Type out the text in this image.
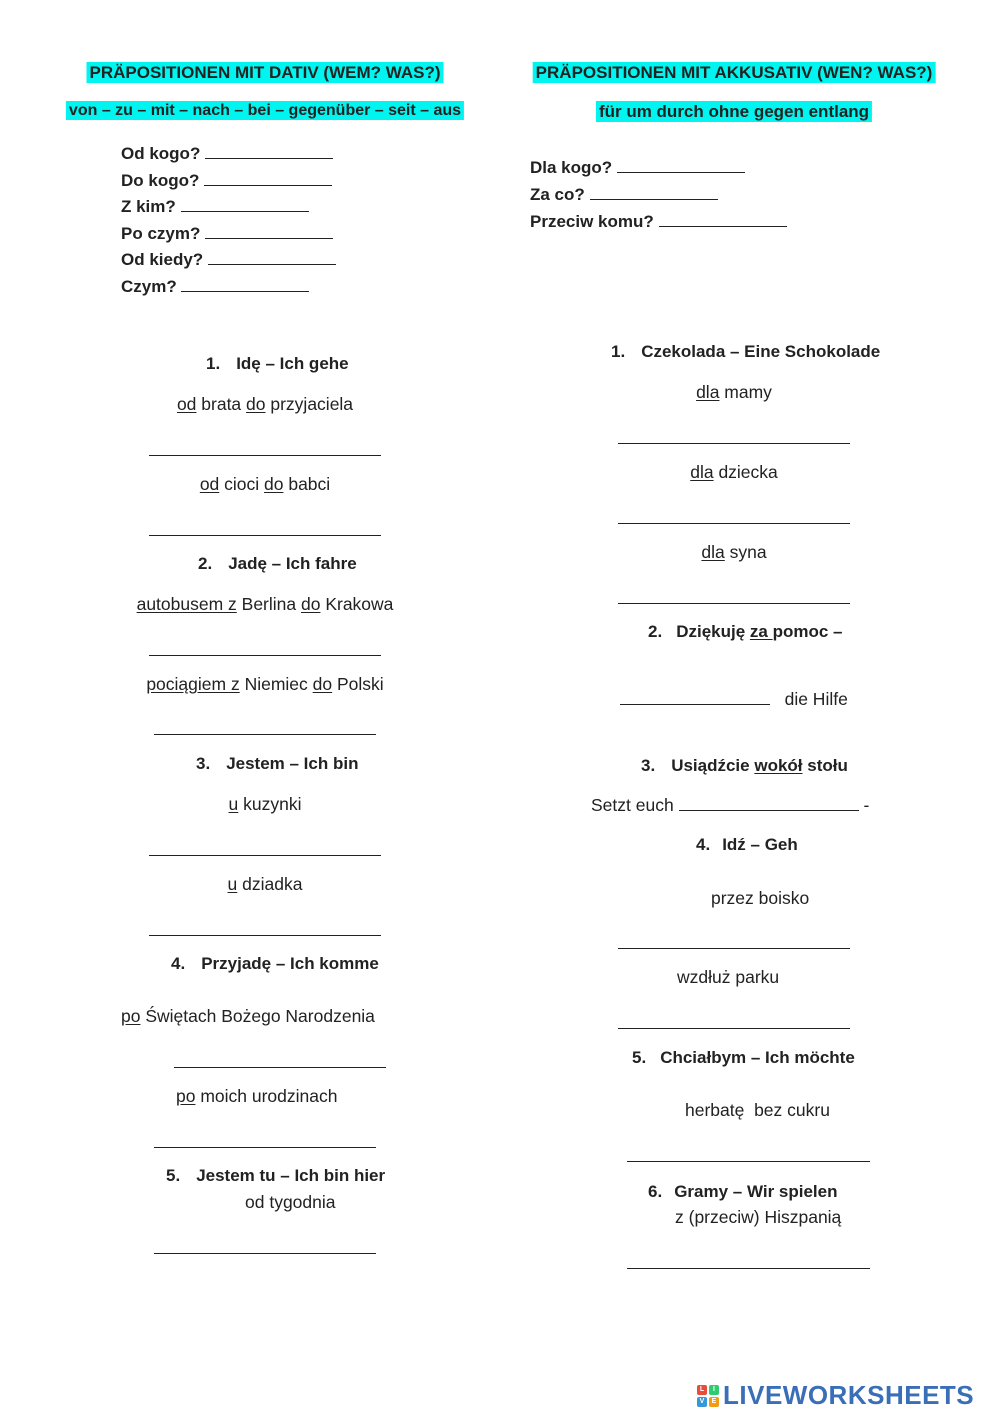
PRÄPOSITIONEN MIT DATIV (WEM? WAS?)
von – zu – mit – nach – bei – gegenüber – seit – aus
Od kogo?
Do kogo?
Z kim?
Po czym?
Od kiedy?
Czym?
1. Idę – Ich gehe
od brata do przyjaciela
od cioci do babci
2. Jadę – Ich fahre
autobusem z Berlina do Krakowa
pociągiem z Niemiec do Polski
3. Jestem – Ich bin
u kuzynki
u dziadka
4. Przyjadę – Ich komme
po Świętach Bożego Narodzenia
po moich urodzinach
5. Jestem tu – Ich bin hier
od tygodnia
PRÄPOSITIONEN MIT AKKUSATIV (WEN? WAS?)
für um durch ohne gegen entlang
Dla kogo?
Za co?
Przeciw komu?
1. Czekolada – Eine Schokolade
dla mamy
dla dziecka
dla syna
2. Dziękuję za pomoc –
die Hilfe
3. Usiądźcie wokół stołu
Setzt euch	-
4. Idź – Geh
przez boisko
wzdłuż parku
5. Chciałbym – Ich möchte
herbatę  bez cukru
6. Gramy – Wir spielen
z (przeciw) Hiszpanią
L	I
V	E LIVEWORKSHEETS
